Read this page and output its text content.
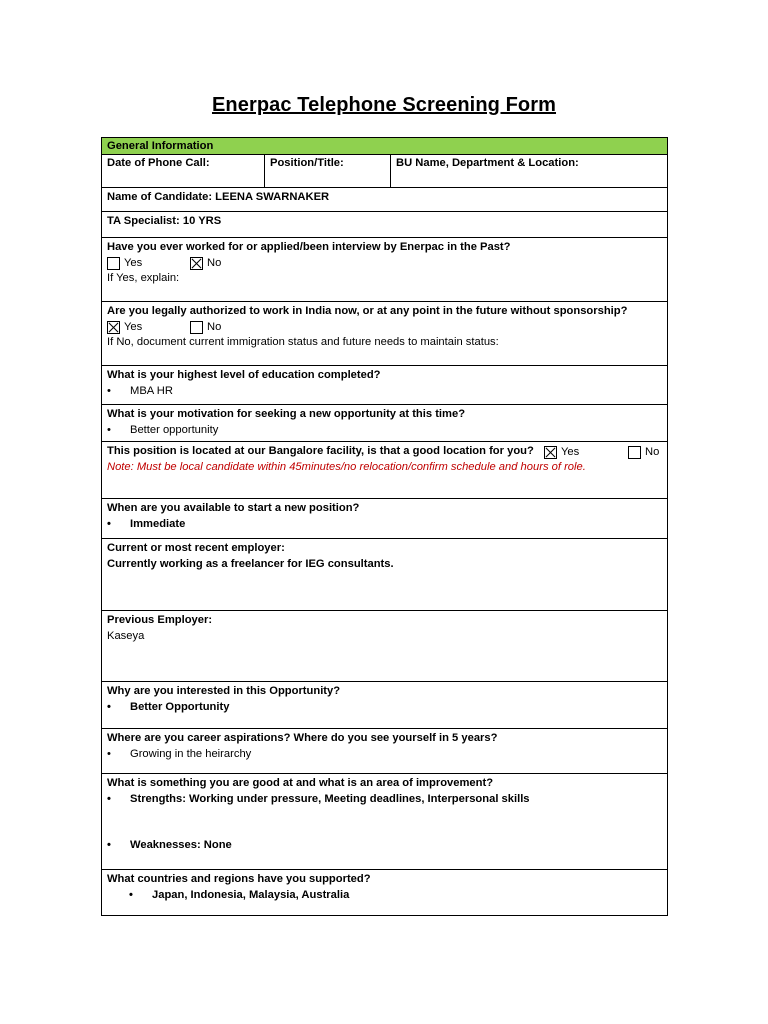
Enerpac Telephone Screening Form
General Information
Date of Phone Call:	Position/Title:	BU Name, Department & Location:
Name of Candidate: LEENA SWARNAKER
TA Specialist: 10 YRS
Have you ever worked for or applied/been interview by Enerpac in the Past?
Yes	No
If Yes, explain:
Are you legally authorized to work in India now, or at any point in the future without sponsorship?
Yes	No
If No, document current immigration status and future needs to maintain status:
What is your highest level of education completed?
•	MBA HR
What is your motivation for seeking a new opportunity at this time?
•	Better opportunity
This position is located at our Bangalore facility, is that a good location for you?	Yes	No
Note: Must be local candidate within 45minutes/no relocation/confirm schedule and hours of role.
When are you available to start a new position?
•	Immediate
Current or most recent employer:
Currently working as a freelancer for IEG consultants.
Previous Employer:
Kaseya
Why are you interested in this Opportunity?
•	Better Opportunity
Where are you career aspirations? Where do you see yourself in 5 years?
•	Growing in the heirarchy
What is something you are good at and what is an area of improvement?
•	Strengths: Working under pressure, Meeting deadlines, Interpersonal skills
•	Weaknesses: None
What countries and regions have you supported?
•	Japan, Indonesia, Malaysia, Australia
